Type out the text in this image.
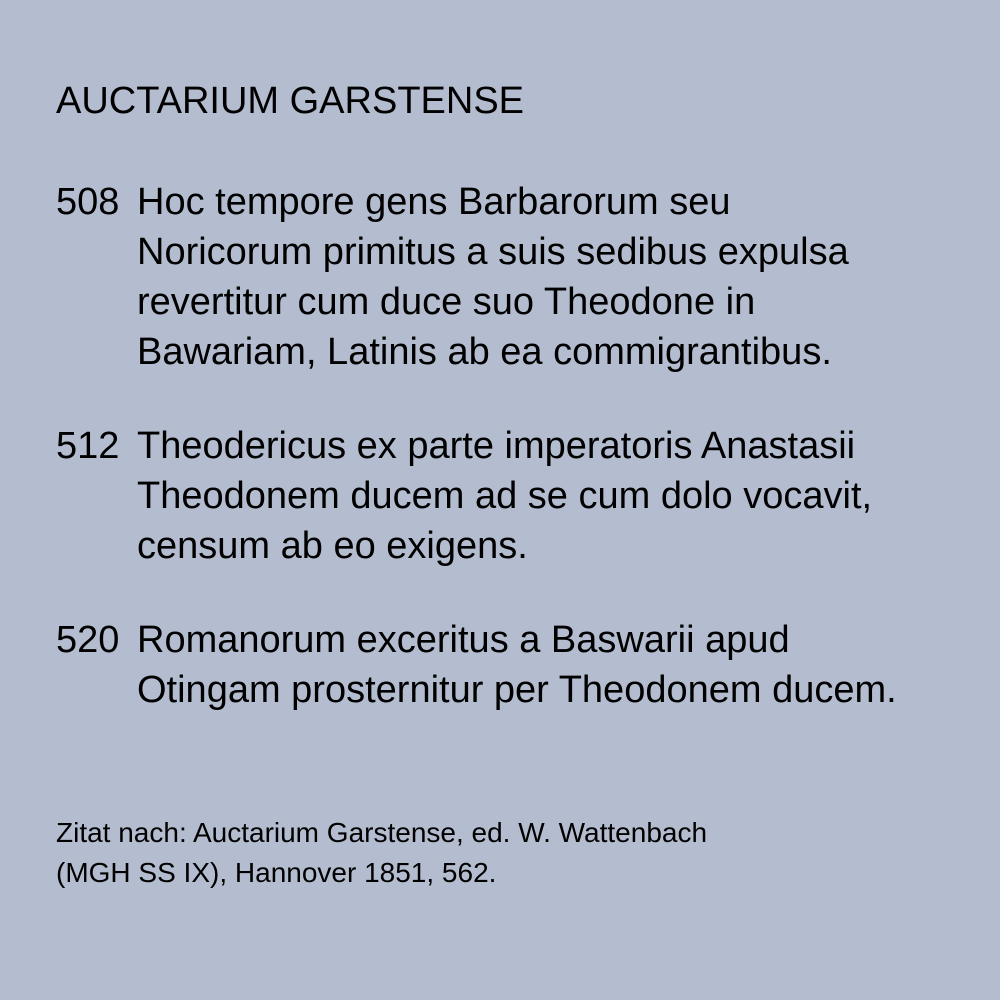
AUCTARIUM GARSTENSE
508 Hoc tempore gens Barbarorum seu
Noricorum primitus a suis sedibus expulsa
revertitur cum duce suo Theodone in
Bawariam, Latinis ab ea commigrantibus.
512 Theodericus ex parte imperatoris Anastasii
Theodonem ducem ad se cum dolo vocavit,
censum ab eo exigens.
520 Romanorum exceritus a Baswarii apud
Otingam prosternitur per Theodonem ducem.
Zitat nach: Auctarium Garstense, ed. W. Wattenbach
(MGH SS IX), Hannover 1851, 562.
